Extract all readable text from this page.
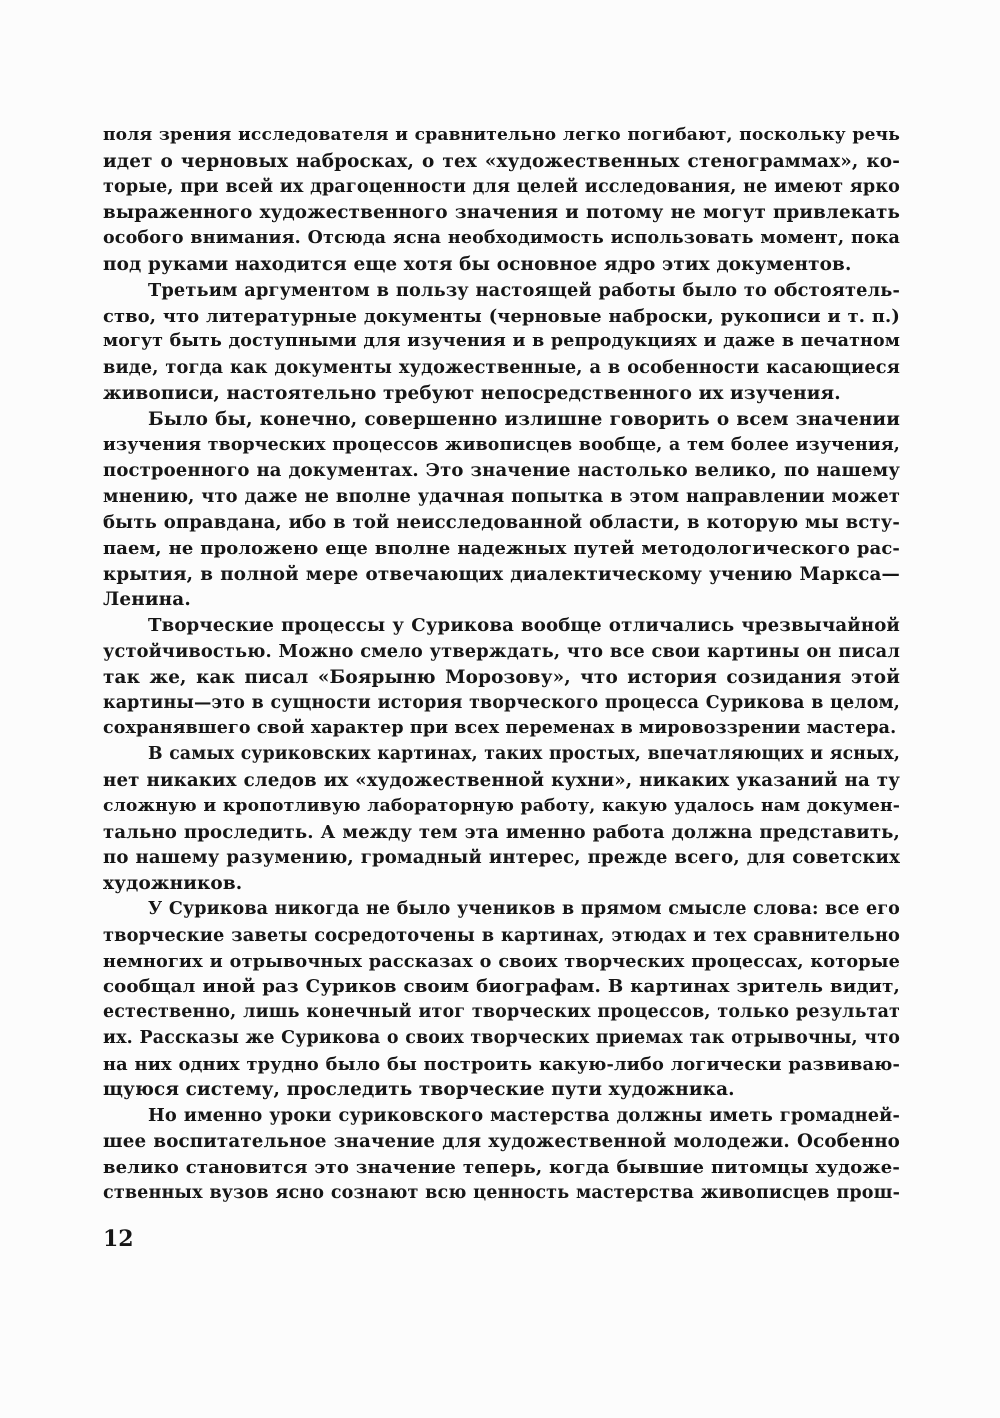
поля зрения исследователя и сравнительно легко погибают, поскольку речь
идет о черновых набросках, о тех «художественных стенограммах», ко-
торые, при всей их драгоценности для целей исследования, не имеют ярко
выраженного художественного значения и потому не могут привлекать
особого внимания. Отсюда ясна необходимость использовать момент, пока
под руками находится еще хотя бы основное ядро этих документов.
Третьим аргументом в пользу настоящей работы было то обстоятель-
ство, что литературные документы (черновые наброски, рукописи и т. п.)
могут быть доступными для изучения и в репродукциях и даже в печатном
виде, тогда как документы художественные, а в особенности касающиеся
живописи, настоятельно требуют непосредственного их изучения.
Было бы, конечно, совершенно излишне говорить о всем значении
изучения творческих процессов живописцев вообще, а тем более изучения,
построенного на документах. Это значение настолько велико, по нашему
мнению, что даже не вполне удачная попытка в этом направлении может
быть оправдана, ибо в той неисследованной области, в которую мы всту-
паем, не проложено еще вполне надежных путей методологического рас-
крытия, в полной мере отвечающих диалектическому учению Маркса—
Ленина.
Творческие процессы у Сурикова вообще отличались чрезвычайной
устойчивостью. Можно смело утверждать, что все свои картины он писал
так же, как писал «Боярыню Морозову», что история созидания этой
картины—это в сущности история творческого процесса Сурикова в целом,
сохранявшего свой характер при всех переменах в мировоззрении мастера.
В самых суриковских картинах, таких простых, впечатляющих и ясных,
нет никаких следов их «художественной кухни», никаких указаний на ту
сложную и кропотливую лабораторную работу, какую удалось нам докумен-
тально проследить. А между тем эта именно работа должна представить,
по нашему разумению, громадный интерес, прежде всего, для советских
художников.
У Сурикова никогда не было учеников в прямом смысле слова: все его
творческие заветы сосредоточены в картинах, этюдах и тех сравнительно
немногих и отрывочных рассказах о своих творческих процессах, которые
сообщал иной раз Суриков своим биографам. В картинах зритель видит,
естественно, лишь конечный итог творческих процессов, только результат
их. Рассказы же Сурикова о своих творческих приемах так отрывочны, что
на них одних трудно было бы построить какую-либо логически развиваю-
щуюся систему, проследить творческие пути художника.
Но именно уроки суриковского мастерства должны иметь громадней-
шее воспитательное значение для художественной молодежи. Особенно
велико становится это значение теперь, когда бывшие питомцы художе-
ственных вузов ясно сознают всю ценность мастерства живописцев прош-
12
